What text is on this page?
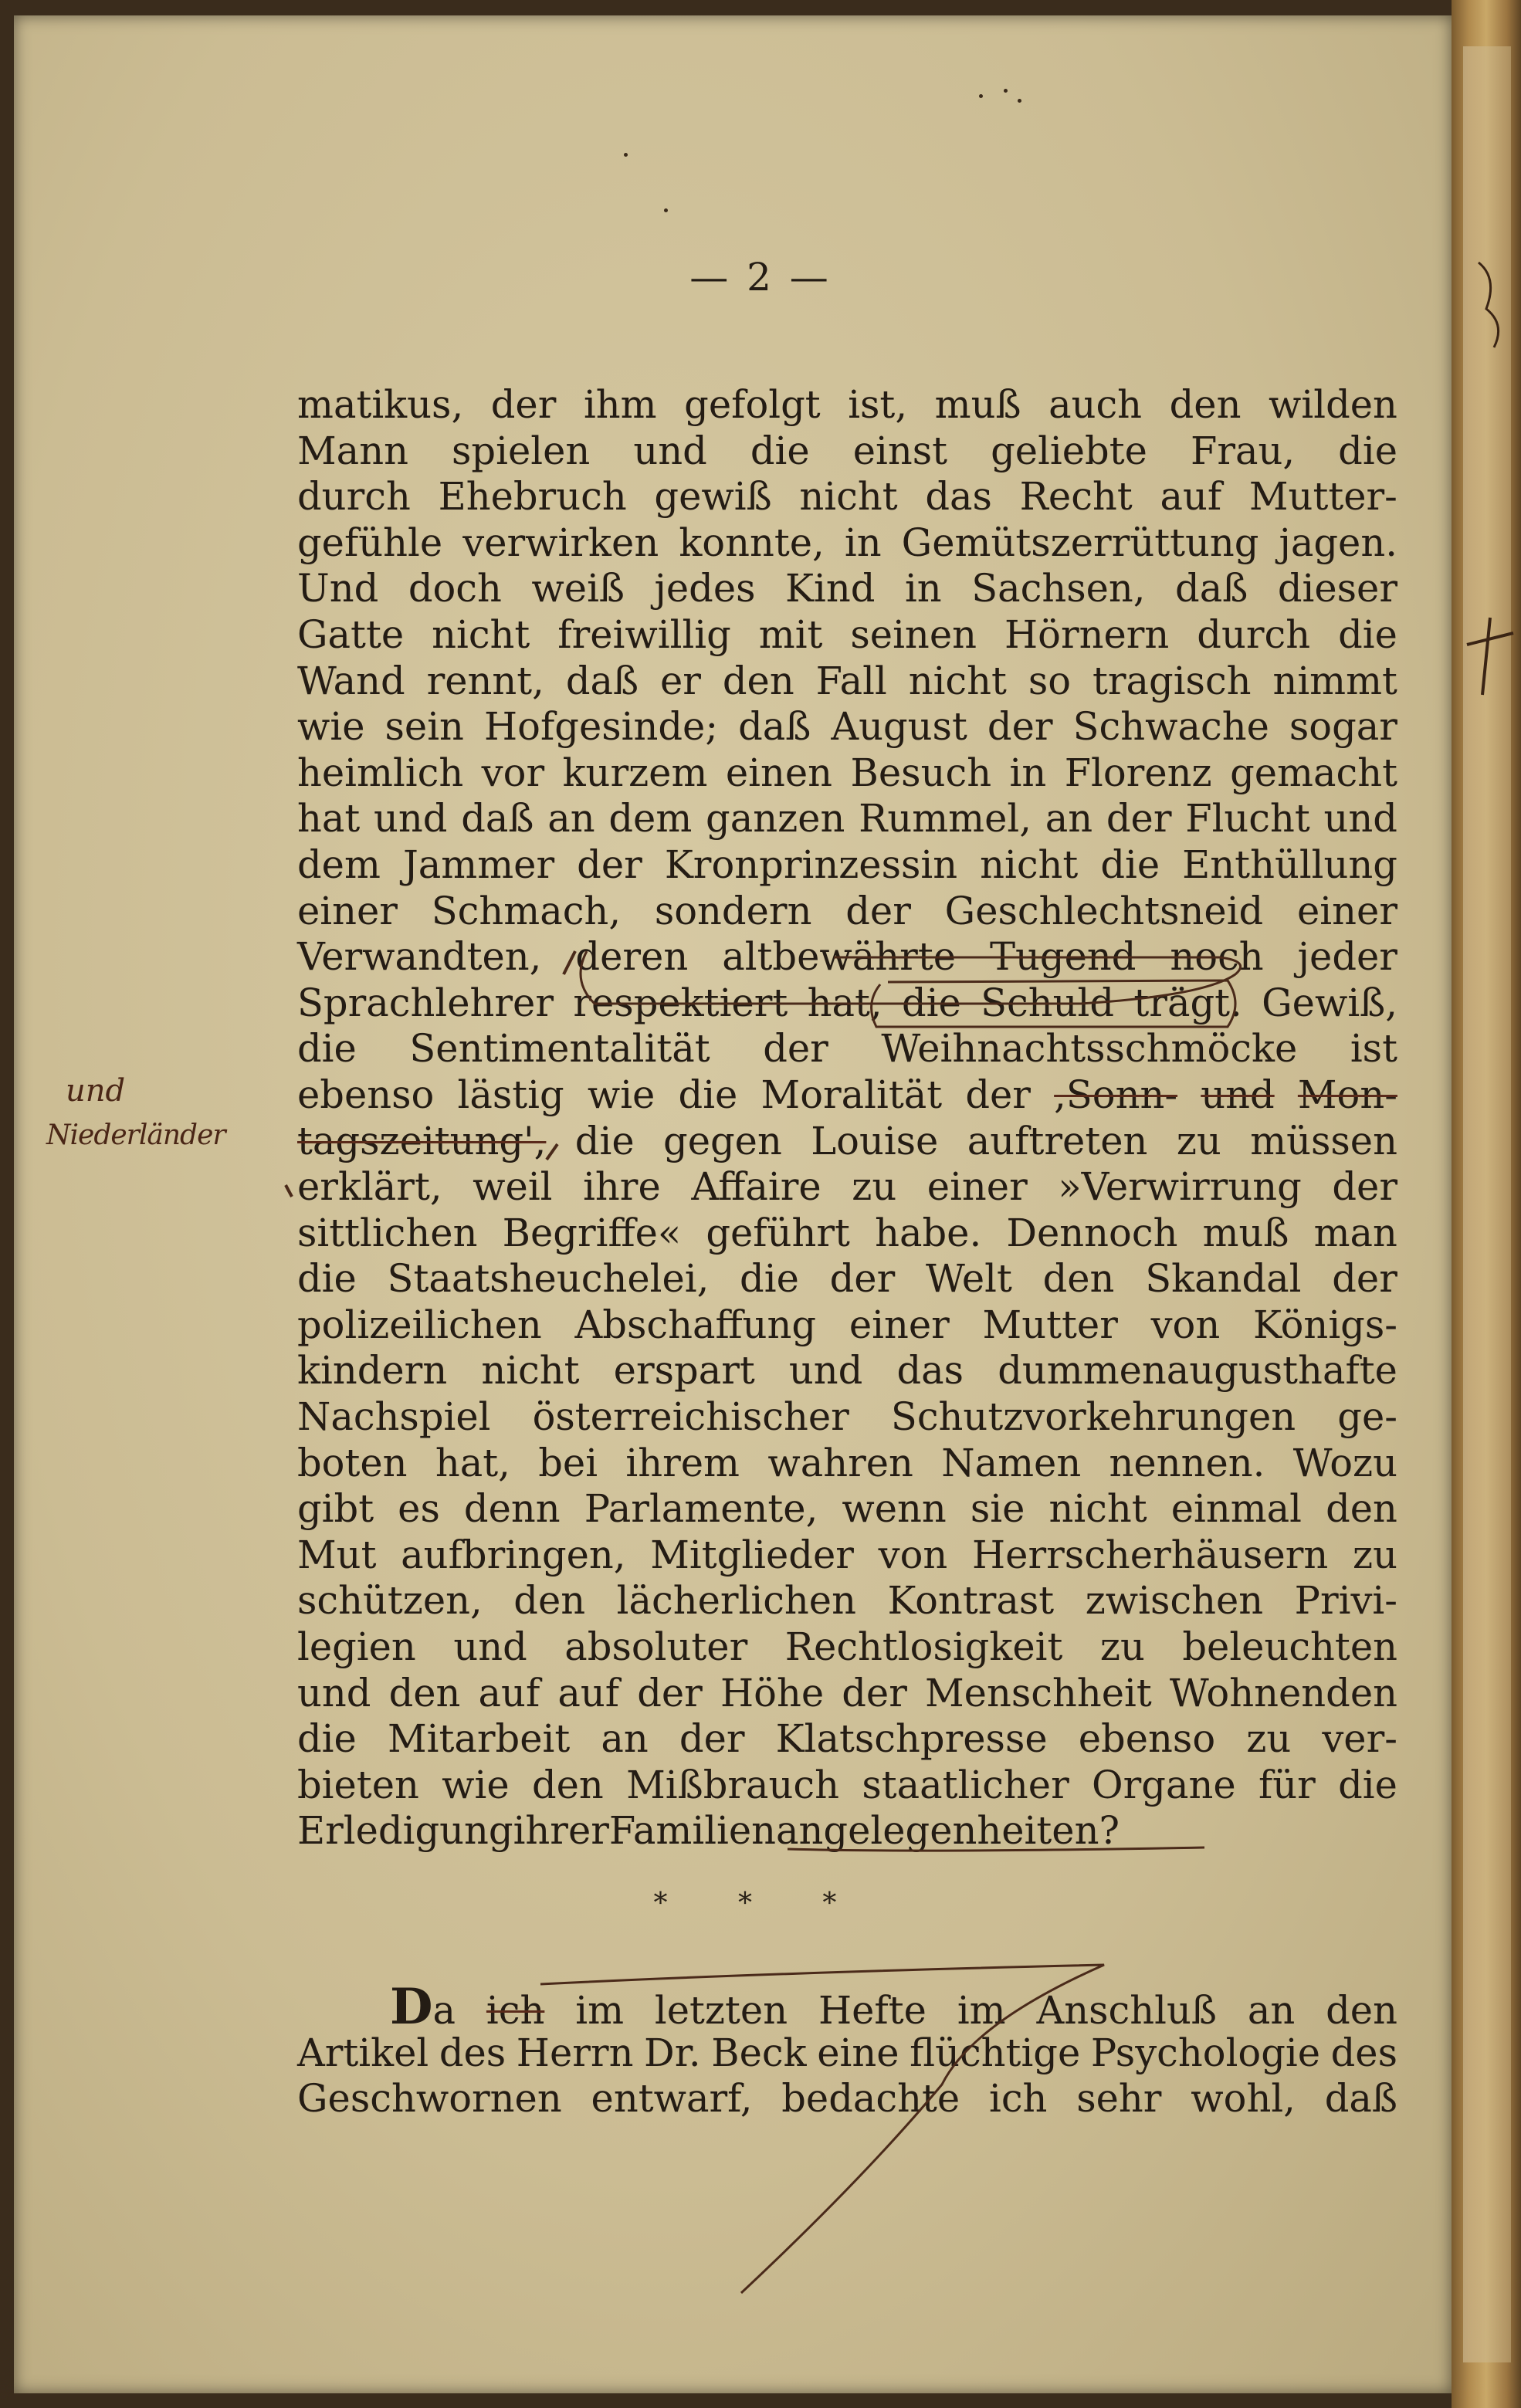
— 2 —
matikus, der ihm gefolgt ist, muß auch den wilden
Mann spielen und die einst geliebte Frau, die
durch Ehebruch gewiß nicht das Recht auf Mutter-
gefühle verwirken konnte, in Gemütszerrüttung jagen.
Und doch weiß jedes Kind in Sachsen, daß dieser
Gatte nicht freiwillig mit seinen Hörnern durch die
Wand rennt, daß er den Fall nicht so tragisch nimmt
wie sein Hofgesinde; daß August der Schwache sogar
heimlich vor kurzem einen Besuch in Florenz gemacht
hat und daß an dem ganzen Rummel, an der Flucht und
dem Jammer der Kronprinzessin nicht die Enthüllung
einer Schmach, sondern der Geschlechtsneid einer
Verwandten, deren altbewährte Tugend noch jeder
Sprachlehrer respektiert hat, die Schuld trägt. Gewiß,
die Sentimentalität der Weihnachtsschmöcke ist
ebenso lästig wie die Moralität der ,Sonn- und Mon-
tagszeitung', die gegen Louise auftreten zu müssen
erklärt, weil ihre Affaire zu einer »Verwirrung der
sittlichen Begriffe« geführt habe. Dennoch muß man
die Staatsheuchelei, die der Welt den Skandal der
polizeilichen Abschaffung einer Mutter von Königs-
kindern nicht erspart und das dummenaugusthafte
Nachspiel österreichischer Schutzvorkehrungen ge-
boten hat, bei ihrem wahren Namen nennen. Wozu
gibt es denn Parlamente, wenn sie nicht einmal den
Mut aufbringen, Mitglieder von Herrscherhäusern zu
schützen, den lächerlichen Kontrast zwischen Privi-
legien und absoluter Rechtlosigkeit zu beleuchten
und den auf auf der Höhe der Menschheit Wohnenden
die Mitarbeit an der Klatschpresse ebenso zu ver-
bieten wie den Mißbrauch staatlicher Organe für die
Erledigung ihrer Familienangelegenheiten?
* * *
D a ich im letzten Hefte im Anschluß an den
Artikel des Herrn Dr. Beck eine flüchtige Psychologie des
Geschwornen entwarf, bedachte ich sehr wohl, daß
und
Niederländer
